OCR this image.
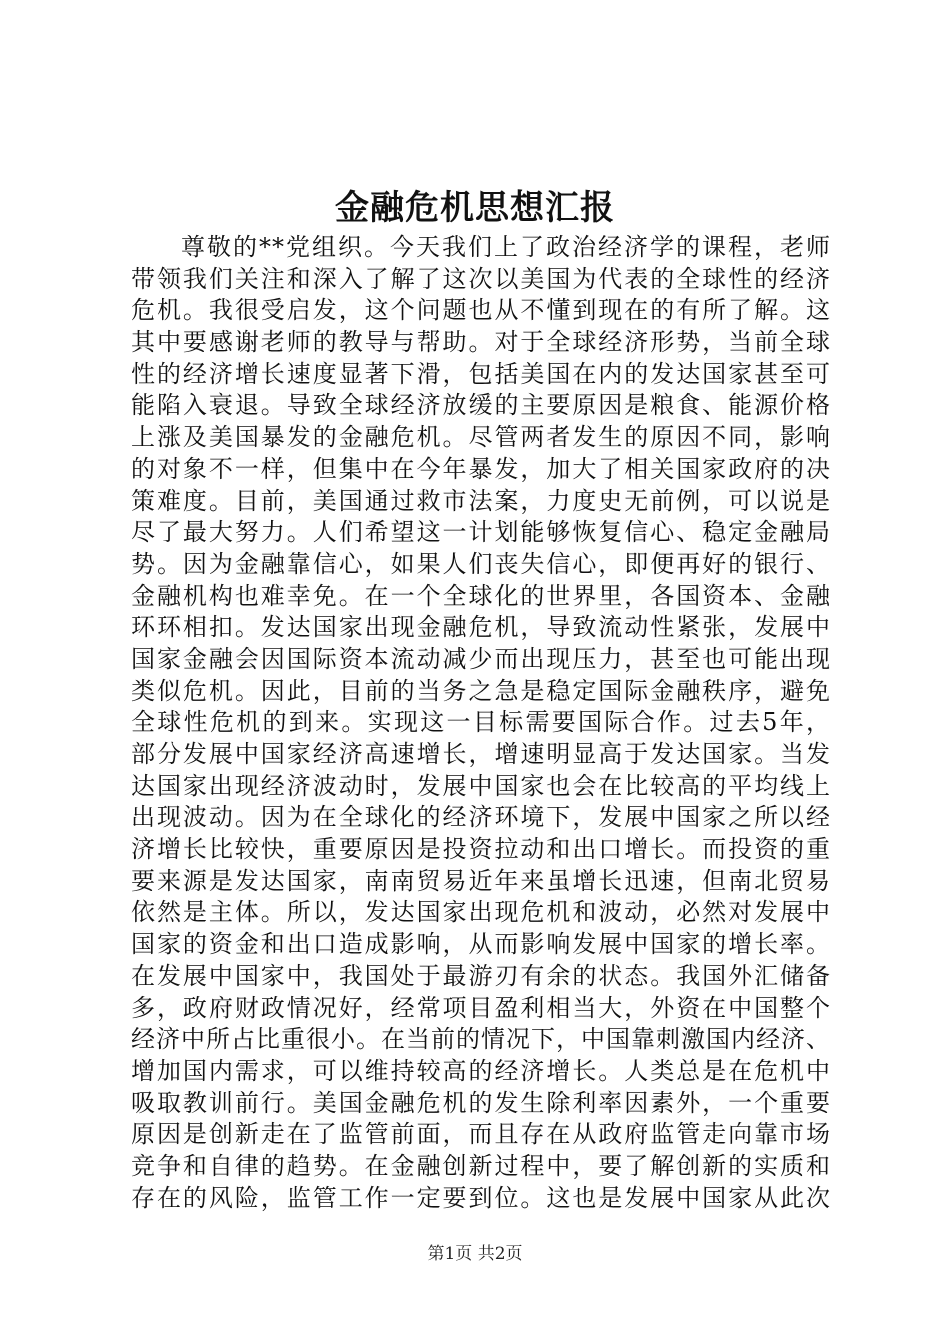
金融危机思想汇报
尊敬的**党组织。今天我们上了政治经济学的课程，老师
带领我们关注和深入了解了这次以美国为代表的全球性的经济
危机。我很受启发，这个问题也从不懂到现在的有所了解。这
其中要感谢老师的教导与帮助。对于全球经济形势，当前全球
性的经济增长速度显著下滑，包括美国在内的发达国家甚至可
能陷入衰退。导致全球经济放缓的主要原因是粮食、能源价格
上涨及美国暴发的金融危机。尽管两者发生的原因不同，影响
的对象不一样，但集中在今年暴发，加大了相关国家政府的决
策难度。目前，美国通过救市法案，力度史无前例，可以说是
尽了最大努力。人们希望这一计划能够恢复信心、稳定金融局
势。因为金融靠信心，如果人们丧失信心，即便再好的银行、
金融机构也难幸免。在一个全球化的世界里，各国资本、金融
环环相扣。发达国家出现金融危机，导致流动性紧张，发展中
国家金融会因国际资本流动减少而出现压力，甚至也可能出现
类似危机。因此，目前的当务之急是稳定国际金融秩序，避免
全球性危机的到来。实现这一目标需要国际合作。过去5年，
部分发展中国家经济高速增长，增速明显高于发达国家。当发
达国家出现经济波动时，发展中国家也会在比较高的平均线上
出现波动。因为在全球化的经济环境下，发展中国家之所以经
济增长比较快，重要原因是投资拉动和出口增长。而投资的重
要来源是发达国家，南南贸易近年来虽增长迅速，但南北贸易
依然是主体。所以，发达国家出现危机和波动，必然对发展中
国家的资金和出口造成影响，从而影响发展中国家的增长率。
在发展中国家中，我国处于最游刃有余的状态。我国外汇储备
多，政府财政情况好，经常项目盈利相当大，外资在中国整个
经济中所占比重很小。在当前的情况下，中国靠刺激国内经济、
增加国内需求，可以维持较高的经济增长。人类总是在危机中
吸取教训前行。美国金融危机的发生除利率因素外，一个重要
原因是创新走在了监管前面，而且存在从政府监管走向靠市场
竞争和自律的趋势。在金融创新过程中，要了解创新的实质和
存在的风险，监管工作一定要到位。这也是发展中国家从此次
第1页 共2页
